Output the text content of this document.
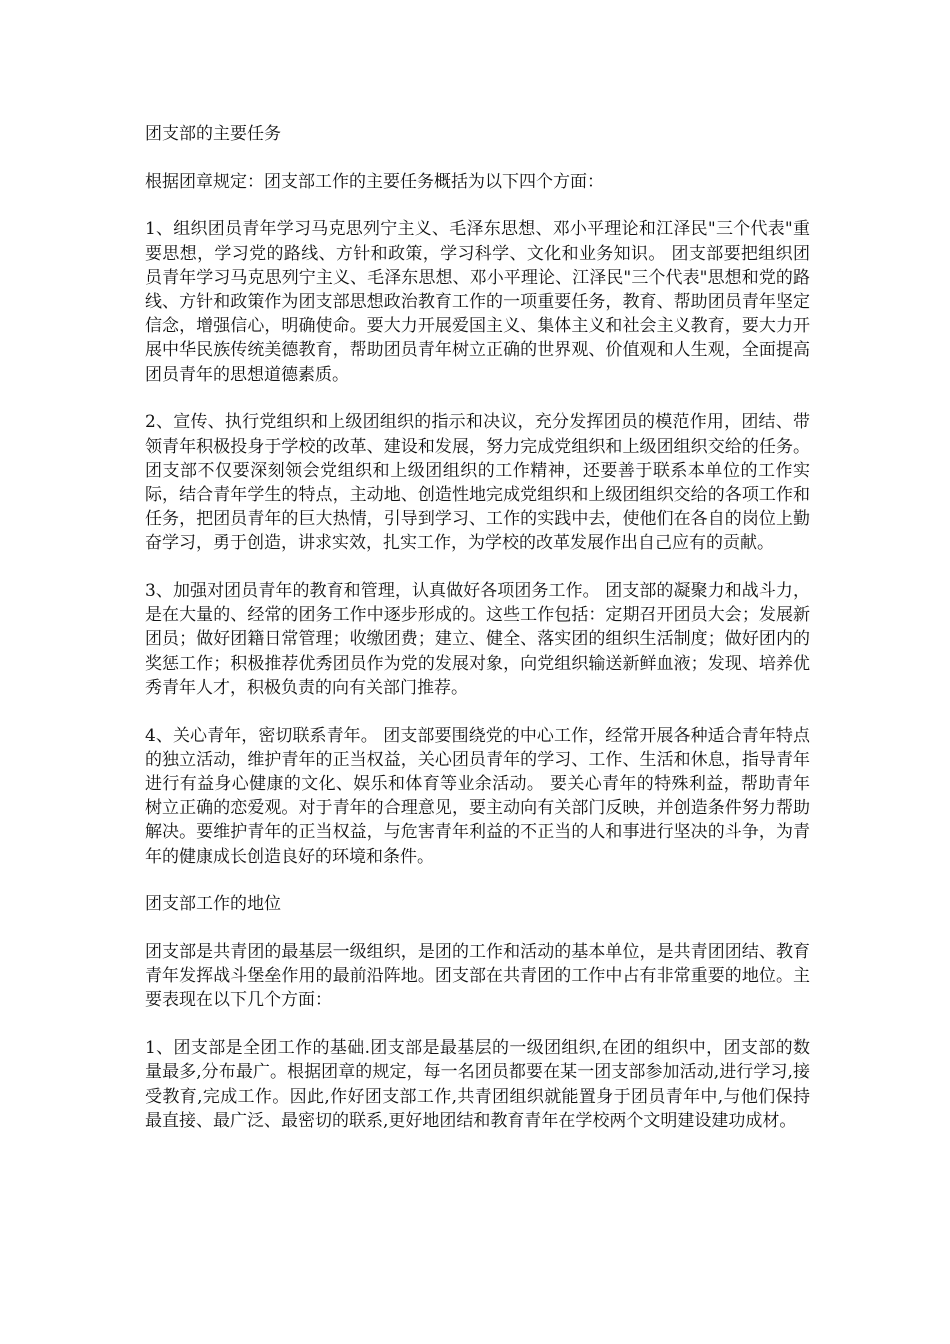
团支部的主要任务

根据团章规定：团支部工作的主要任务概括为以下四个方面：

1、组织团员青年学习马克思列宁主义、毛泽东思想、邓小平理论和江泽民"三个代表"重要思想，学习党的路线、方针和政策，学习科学、文化和业务知识。 团支部要把组织团员青年学习马克思列宁主义、毛泽东思想、邓小平理论、江泽民"三个代表"思想和党的路线、方针和政策作为团支部思想政治教育工作的一项重要任务，教育、帮助团员青年坚定信念，增强信心，明确使命。要大力开展爱国主义、集体主义和社会主义教育，要大力开展中华民族传统美德教育，帮助团员青年树立正确的世界观、价值观和人生观，全面提高团员青年的思想道德素质。

2、宣传、执行党组织和上级团组织的指示和决议，充分发挥团员的模范作用，团结、带领青年积极投身于学校的改革、建设和发展，努力完成党组织和上级团组织交给的任务。 团支部不仅要深刻领会党组织和上级团组织的工作精神，还要善于联系本单位的工作实际，结合青年学生的特点，主动地、创造性地完成党组织和上级团组织交给的各项工作和任务，把团员青年的巨大热情，引导到学习、工作的实践中去，使他们在各自的岗位上勤奋学习，勇于创造，讲求实效，扎实工作，为学校的改革发展作出自己应有的贡献。

3、加强对团员青年的教育和管理，认真做好各项团务工作。 团支部的凝聚力和战斗力，是在大量的、经常的团务工作中逐步形成的。这些工作包括：定期召开团员大会；发展新团员；做好团籍日常管理；收缴团费；建立、健全、落实团的组织生活制度；做好团内的奖惩工作；积极推荐优秀团员作为党的发展对象，向党组织输送新鲜血液；发现、培养优秀青年人才，积极负责的向有关部门推荐。

4、关心青年，密切联系青年。 团支部要围绕党的中心工作，经常开展各种适合青年特点的独立活动，维护青年的正当权益，关心团员青年的学习、工作、生活和休息，指导青年进行有益身心健康的文化、娱乐和体育等业余活动。 要关心青年的特殊利益，帮助青年树立正确的恋爱观。对于青年的合理意见，要主动向有关部门反映，并创造条件努力帮助解决。要维护青年的正当权益，与危害青年利益的不正当的人和事进行坚决的斗争，为青年的健康成长创造良好的环境和条件。

团支部工作的地位

团支部是共青团的最基层一级组织，是团的工作和活动的基本单位，是共青团团结、教育青年发挥战斗堡垒作用的最前沿阵地。团支部在共青团的工作中占有非常重要的地位。主要表现在以下几个方面：

1、团支部是全团工作的基础.团支部是最基层的一级团组织,在团的组织中，团支部的数量最多,分布最广。根据团章的规定，每一名团员都要在某一团支部参加活动,进行学习,接受教育,完成工作。因此,作好团支部工作,共青团组织就能置身于团员青年中,与他们保持最直接、最广泛、最密切的联系,更好地团结和教育青年在学校两个文明建设建功成材。
